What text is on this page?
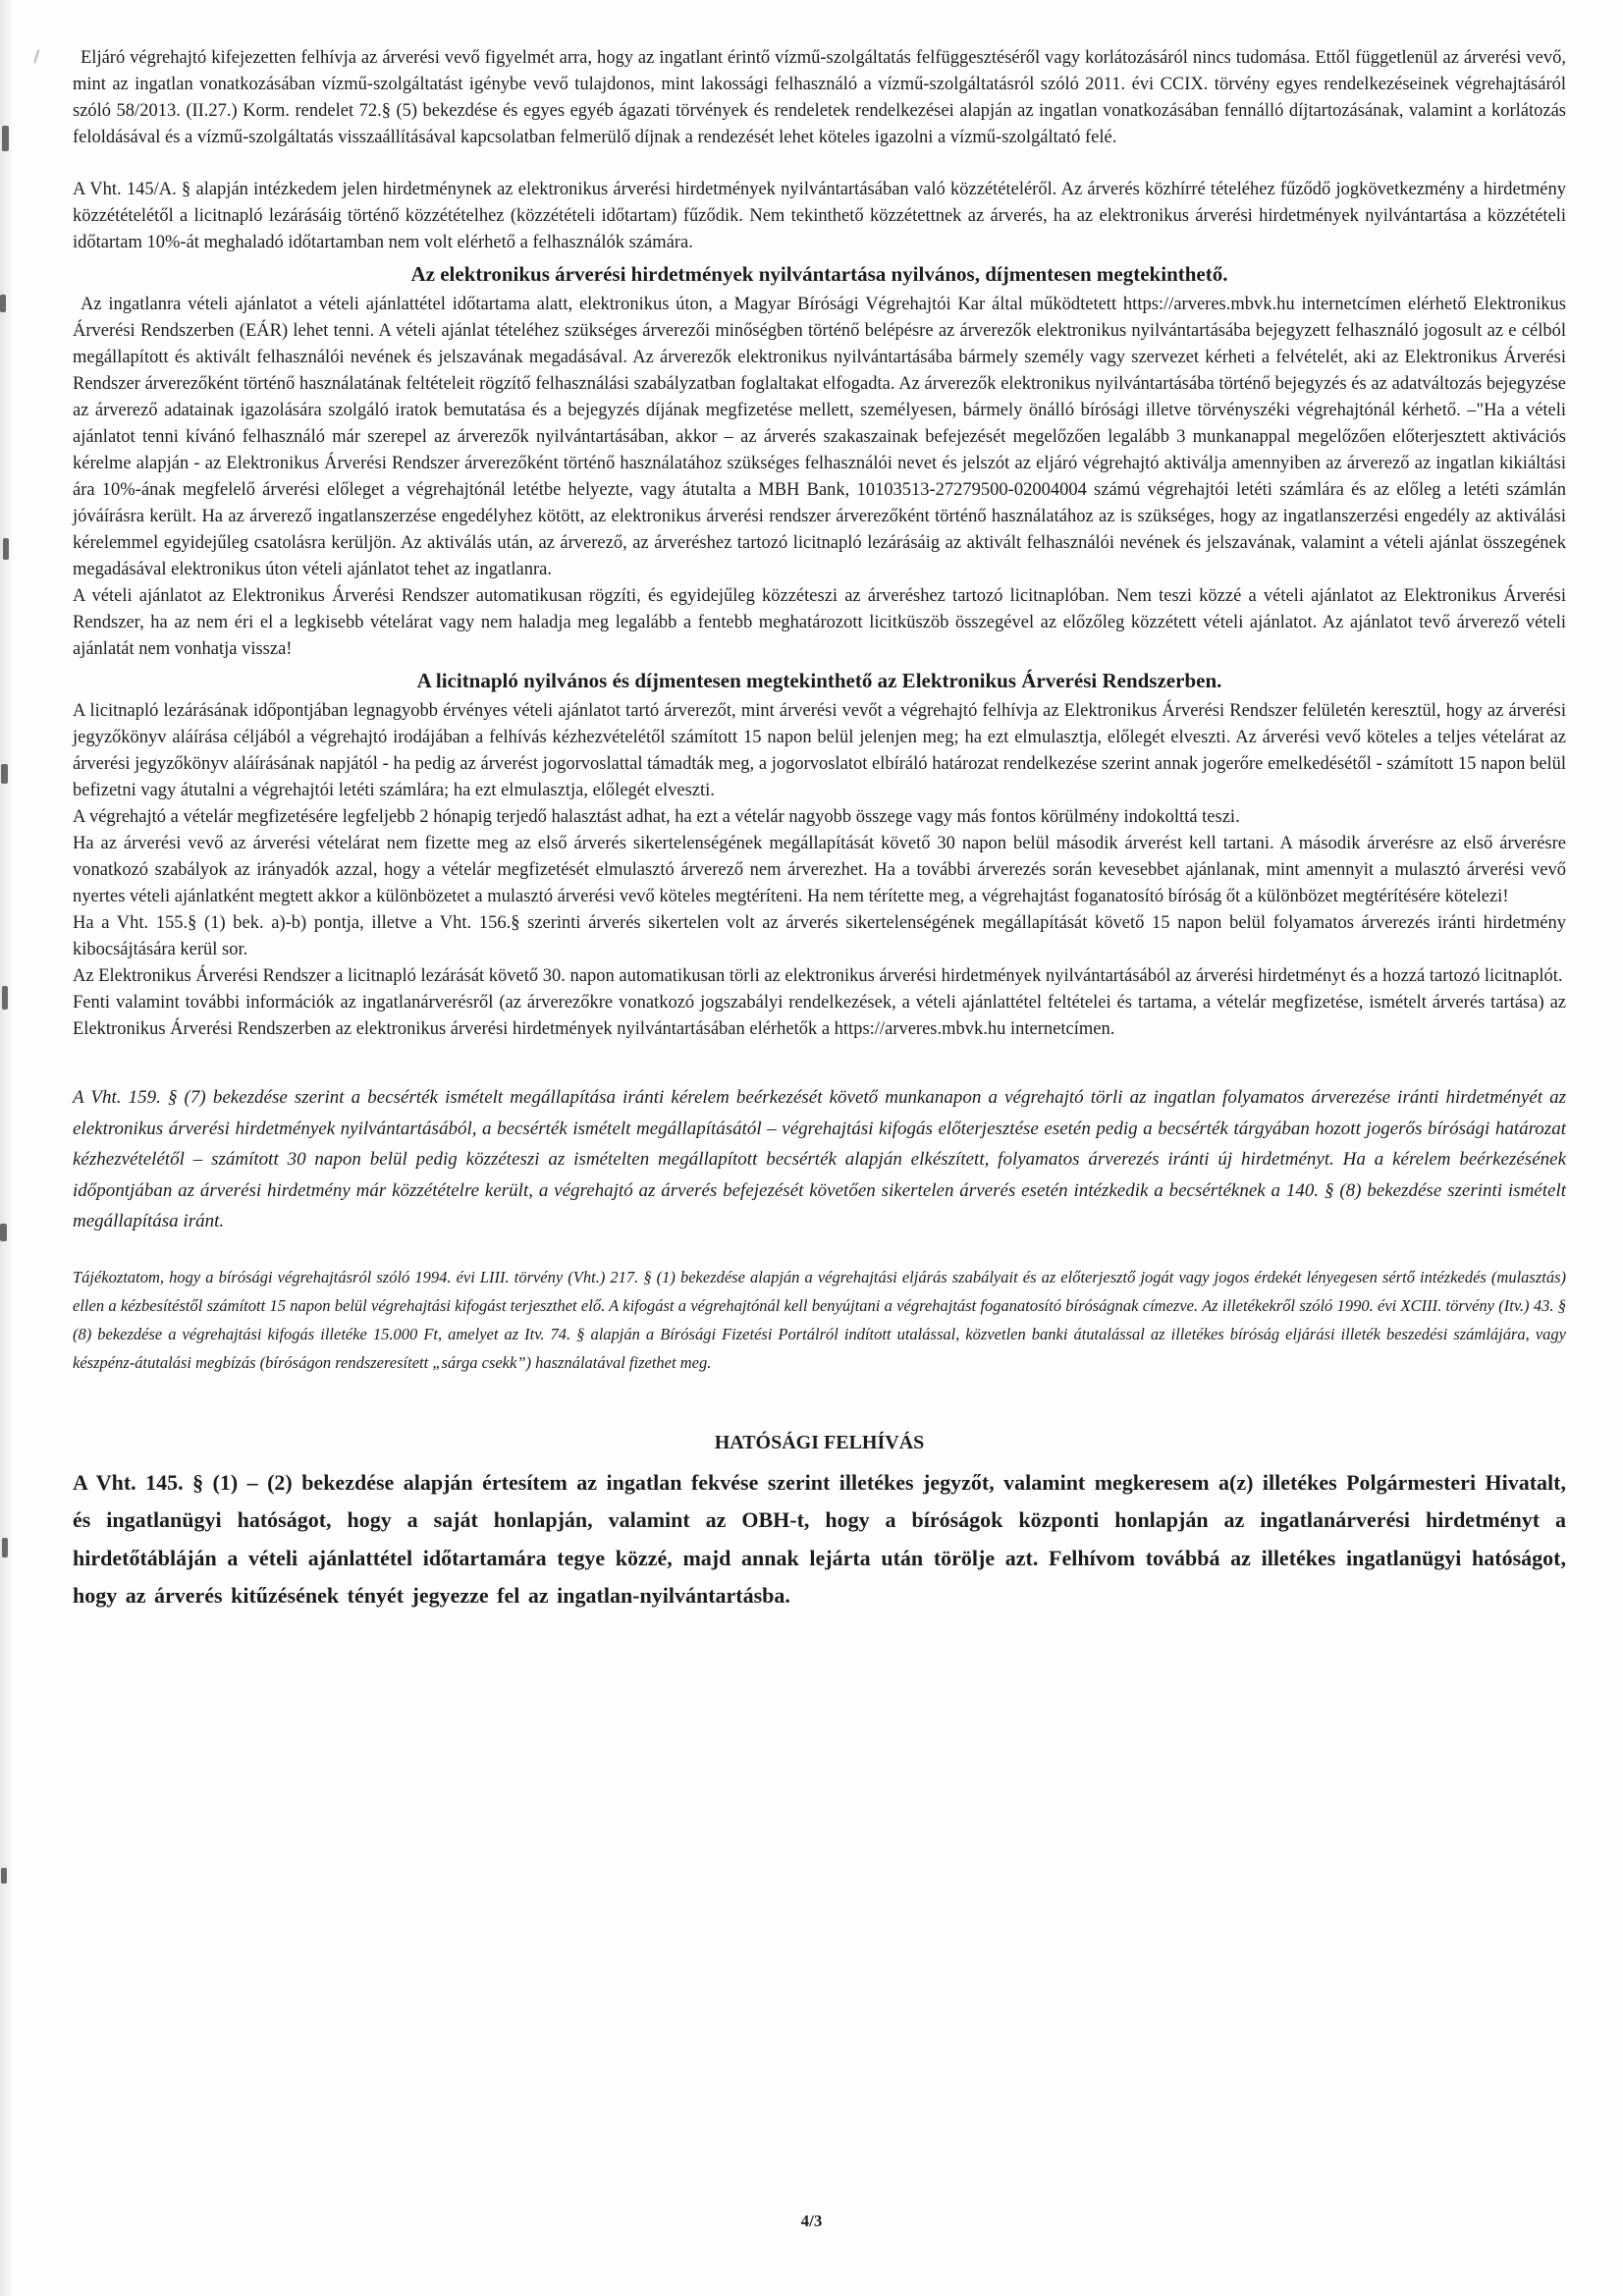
Eljáró végrehajtó kifejezetten felhívja az árverési vevő figyelmét arra, hogy az ingatlant érintő vízmű-szolgáltatás felfüggesztéséről vagy korlátozásáról nincs tudomása. Ettől függetlenül az árverési vevő, mint az ingatlan vonatkozásában vízmű-szolgáltatást igénybe vevő tulajdonos, mint lakossági felhasználó a vízmű-szolgáltatásról szóló 2011. évi CCIX. törvény egyes rendelkezéseinek végrehajtásáról szóló 58/2013. (II.27.) Korm. rendelet 72.§ (5) bekezdése és egyes egyéb ágazati törvények és rendeletek rendelkezései alapján az ingatlan vonatkozásában fennálló díjtartozásának, valamint a korlátozás feloldásával és a vízmű-szolgáltatás visszaállításával kapcsolatban felmerülő díjnak a rendezését lehet köteles igazolni a vízmű-szolgáltató felé.

A Vht. 145/A. § alapján intézkedem jelen hirdetménynek az elektronikus árverési hirdetmények nyilvántartásában való közzétételéről. Az árverés közhírré tételéhez fűződő jogkövetkezmény a hirdetmény közzétételétől a licitnapló lezárásáig történő közzétételhez (közzétételi időtartam) fűződik. Nem tekinthető közzétettnek az árverés, ha az elektronikus árverési hirdetmények nyilvántartása a közzétételi időtartam 10%-át meghaladó időtartamban nem volt elérhető a felhasználók számára.

Az elektronikus árverési hirdetmények nyilvántartása nyilvános, díjmentesen megtekinthető.

Az ingatlanra vételi ajánlatot a vételi ajánlattétel időtartama alatt, elektronikus úton, a Magyar Bírósági Végrehajtói Kar által működtetett https://arveres.mbvk.hu internetcímen elérhető Elektronikus Árverési Rendszerben (EÁR) lehet tenni. A vételi ajánlat tételéhez szükséges árverezői minőségben történő belépésre az árverezők elektronikus nyilvántartásába bejegyzett felhasználó jogosult az e célból megállapított és aktivált felhasználói nevének és jelszavának megadásával. Az árverezők elektronikus nyilvántartásába bármely személy vagy szervezet kérheti a felvételét, aki az Elektronikus Árverési Rendszer árverezőként történő használatának feltételeit rögzítő felhasználási szabályzatban foglaltakat elfogadta. Az árverezők elektronikus nyilvántartásába történő bejegyzés és az adatváltozás bejegyzése az árverező adatainak igazolására szolgáló iratok bemutatása és a bejegyzés díjának megfizetése mellett, személyesen, bármely önálló bírósági illetve törvényszéki végrehajtónál kérhető. –"Ha a vételi ajánlatot tenni kívánó felhasználó már szerepel az árverezők nyilvántartásában, akkor – az árverés szakaszainak befejezését megelőzően legalább 3 munkanappal megelőzően előterjesztett aktivációs kérelme alapján - az Elektronikus Árverési Rendszer árverezőként történő használatához szükséges felhasználói nevet és jelszót az eljáró végrehajtó aktiválja amennyiben az árverező az ingatlan kikiáltási ára 10%-ának megfelelő árverési előleget a végrehajtónál letétbe helyezte, vagy átutalta a MBH Bank, 10103513-27279500-02004004 számú végrehajtói letéti számlára és az előleg a letéti számlán jóváírásra került. Ha az árverező ingatlanszerzése engedélyhez kötött, az elektronikus árverési rendszer árverezőként történő használatához az is szükséges, hogy az ingatlanszerzési engedély az aktiválási kérelemmel egyidejűleg csatolásra kerüljön. Az aktiválás után, az árverező, az árveréshez tartozó licitnapló lezárásáig az aktivált felhasználói nevének és jelszavának, valamint a vételi ajánlat összegének megadásával elektronikus úton vételi ajánlatot tehet az ingatlanra.

A vételi ajánlatot az Elektronikus Árverési Rendszer automatikusan rögzíti, és egyidejűleg közzéteszi az árveréshez tartozó licitnaplóban. Nem teszi közzé a vételi ajánlatot az Elektronikus Árverési Rendszer, ha az nem éri el a legkisebb vételárat vagy nem haladja meg legalább a fentebb meghatározott licitküszöb összegével az előzőleg közzétett vételi ajánlatot. Az ajánlatot tevő árverező vételi ajánlatát nem vonhatja vissza!

A licitnapló nyilvános és díjmentesen megtekinthető az Elektronikus Árverési Rendszerben.

A licitnapló lezárásának időpontjában legnagyobb érvényes vételi ajánlatot tartó árverezőt, mint árverési vevőt a végrehajtó felhívja az Elektronikus Árverési Rendszer felületén keresztül, hogy az árverési jegyzőkönyv aláírása céljából a végrehajtó irodájában a felhívás kézhezvételétől számított 15 napon belül jelenjen meg; ha ezt elmulasztja, előlegét elveszti. Az árverési vevő köteles a teljes vételárat az árverési jegyzőkönyv aláírásának napjától - ha pedig az árverést jogorvoslattal támadták meg, a jogorvoslatot elbíráló határozat rendelkezése szerint annak jogerőre emelkedésétől - számított 15 napon belül befizetni vagy átutalni a végrehajtói letéti számlára; ha ezt elmulasztja, előlegét elveszti.

A végrehajtó a vételár megfizetésére legfeljebb 2 hónapig terjedő halasztást adhat, ha ezt a vételár nagyobb összege vagy más fontos körülmény indokolttá teszi.

Ha az árverési vevő az árverési vételárat nem fizette meg az első árverés sikertelenségének megállapítását követő 30 napon belül második árverést kell tartani. A második árverésre az első árverésre vonatkozó szabályok az irányadók azzal, hogy a vételár megfizetését elmulasztó árverező nem árverezhet. Ha a további árverezés során kevesebbet ajánlanak, mint amennyit a mulasztó árverési vevő nyertes vételi ajánlatként megtett akkor a különbözetet a mulasztó árverési vevő köteles megtéríteni. Ha nem térítette meg, a végrehajtást foganatosító bíróság őt a különbözet megtérítésére kötelezi!

Ha a Vht. 155.§ (1) bek. a)-b) pontja, illetve a Vht. 156.§ szerinti árverés sikertelen volt az árverés sikertelenségének megállapítását követő 15 napon belül folyamatos árverezés iránti hirdetmény kibocsájtására kerül sor.

Az Elektronikus Árverési Rendszer a licitnapló lezárását követő 30. napon automatikusan törli az elektronikus árverési hirdetmények nyilvántartásából az árverési hirdetményt és a hozzá tartozó licitnaplót.

Fenti valamint további információk az ingatlanárverésről (az árverezőkre vonatkozó jogszabályi rendelkezések, a vételi ajánlattétel feltételei és tartama, a vételár megfizetése, ismételt árverés tartása) az Elektronikus Árverési Rendszerben az elektronikus árverési hirdetmények nyilvántartásában elérhetők a https://arveres.mbvk.hu internetcímen.

A Vht. 159. § (7) bekezdése szerint a becsérték ismételt megállapítása iránti kérelem beérkezését követő munkanapon a végrehajtó törli az ingatlan folyamatos árverezése iránti hirdetményét az elektronikus árverési hirdetmények nyilvántartásából, a becsérték ismételt megállapításától – végrehajtási kifogás előterjesztése esetén pedig a becsérték tárgyában hozott jogerős bírósági határozat kézhezvételétől – számított 30 napon belül pedig közzéteszi az ismételten megállapított becsérték alapján elkészített, folyamatos árverezés iránti új hirdetményt. Ha a kérelem beérkezésének időpontjában az árverési hirdetmény már közzétételre került, a végrehajtó az árverés befejezését követően sikertelen árverés esetén intézkedik a becsértéknek a 140. § (8) bekezdése szerinti ismételt megállapítása iránt.

Tájékoztatom, hogy a bírósági végrehajtásról szóló 1994. évi LIII. törvény (Vht.) 217. § (1) bekezdése alapján a végrehajtási eljárás szabályait és az előterjesztő jogát vagy jogos érdekét lényegesen sértő intézkedés (mulasztás) ellen a kézbesítéstől számított 15 napon belül végrehajtási kifogást terjeszthet elő. A kifogást a végrehajtónál kell benyújtani a végrehajtást foganatosító bíróságnak címezve. Az illetékekről szóló 1990. évi XCIII. törvény (Itv.) 43. § (8) bekezdése a végrehajtási kifogás illetéke 15.000 Ft, amelyet az Itv. 74. § alapján a Bírósági Fizetési Portálról indított utalással, közvetlen banki átutalással az illetékes bíróság eljárási illeték beszedési számlájára, vagy készpénz-átutalási megbízás (bíróságon rendszeresített „sárga csekk”) használatával fizethet meg.

HATÓSÁGI FELHÍVÁS

A Vht. 145. § (1) – (2) bekezdése alapján értesítem az ingatlan fekvése szerint illetékes jegyzőt, valamint megkeresem a(z) illetékes Polgármesteri Hivatalt, és ingatlanügyi hatóságot, hogy a saját honlapján, valamint az OBH-t, hogy a bíróságok központi honlapján az ingatlanárverési hirdetményt a hirdetőtábláján a vételi ajánlattétel időtartamára tegye közzé, majd annak lejárta után törölje azt. Felhívom továbbá az illetékes ingatlanügyi hatóságot, hogy az árverés kitűzésének tényét jegyezze fel az ingatlan-nyilvántartásba.

4/3
